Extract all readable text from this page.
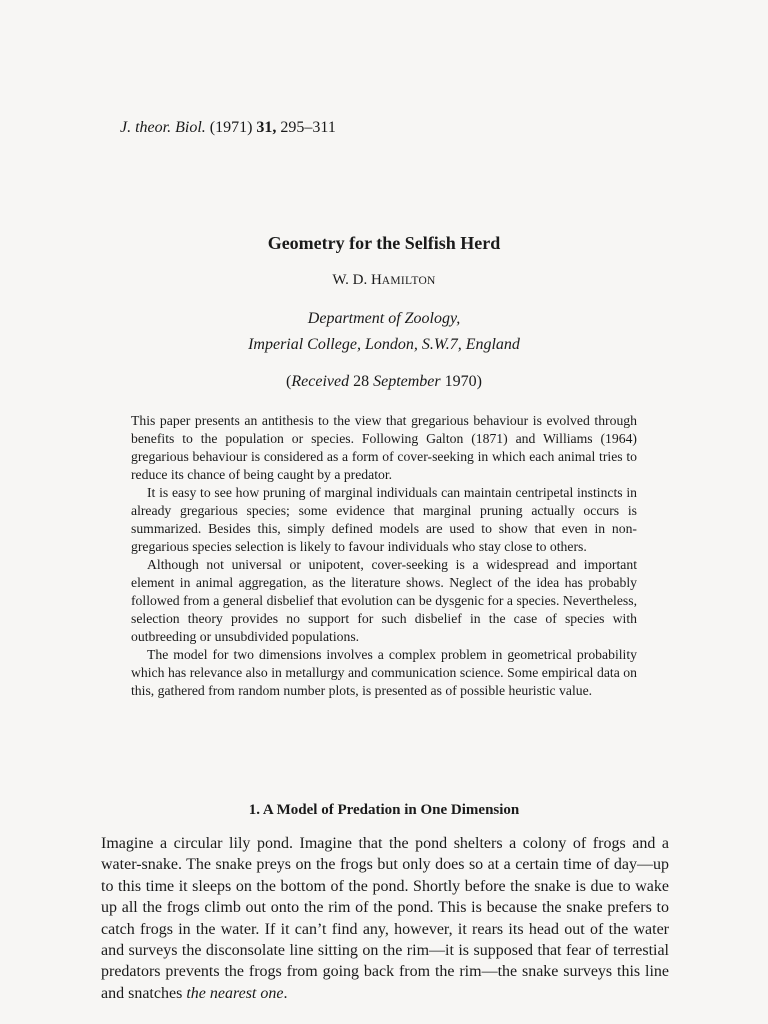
J. theor. Biol. (1971) 31, 295–311
Geometry for the Selfish Herd
W. D. HAMILTON
Department of Zoology,
Imperial College, London, S.W.7, England
(Received 28 September 1970)

This paper presents an antithesis to the view that gregarious behaviour is evolved through benefits to the population or species. Following Galton (1871) and Williams (1964) gregarious behaviour is considered as a form of cover-seeking in which each animal tries to reduce its chance of being caught by a predator.

It is easy to see how pruning of marginal individuals can maintain centripetal instincts in already gregarious species; some evidence that marginal pruning actually occurs is summarized. Besides this, simply defined models are used to show that even in non-gregarious species selection is likely to favour individuals who stay close to others.

Although not universal or unipotent, cover-seeking is a widespread and important element in animal aggregation, as the literature shows. Neglect of the idea has probably followed from a general disbelief that evolution can be dysgenic for a species. Nevertheless, selection theory provides no support for such disbelief in the case of species with outbreeding or unsubdivided populations.

The model for two dimensions involves a complex problem in geometrical probability which has relevance also in metallurgy and communication science. Some empirical data on this, gathered from random number plots, is presented as of possible heuristic value.

1. A Model of Predation in One Dimension

Imagine a circular lily pond. Imagine that the pond shelters a colony of frogs and a water-snake. The snake preys on the frogs but only does so at a certain time of day—up to this time it sleeps on the bottom of the pond. Shortly before the snake is due to wake up all the frogs climb out onto the rim of the pond. This is because the snake prefers to catch frogs in the water. If it can’t find any, however, it rears its head out of the water and surveys the disconsolate line sitting on the rim—it is supposed that fear of terrestial predators prevents the frogs from going back from the rim—the snake surveys this line and snatches the nearest one.
